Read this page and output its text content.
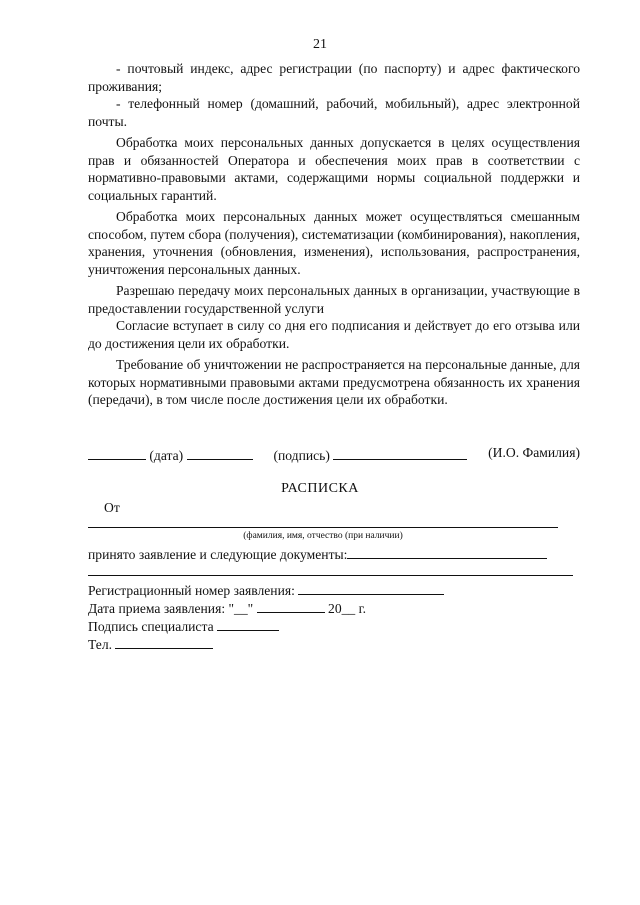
21

- почтовый индекс, адрес регистрации (по паспорту) и адрес фактического проживания;

- телефонный номер (домашний, рабочий, мобильный), адрес электронной почты.

Обработка моих персональных данных допускается в целях осуществления прав и обязанностей Оператора и обеспечения моих прав в соответствии с нормативно-правовыми актами, содержащими нормы социальной поддержки и социальных гарантий.

Обработка моих персональных данных может осуществляться смешанным способом, путем сбора (получения), систематизации (комбинирования), накопления, хранения, уточнения (обновления, изменения), использования, распространения, уничтожения персональных данных.

Разрешаю передачу моих персональных данных в организации, участвующие в предоставлении государственной услуги

Согласие вступает в силу со дня его подписания и действует до его отзыва или до достижения цели их обработки.

Требование об уничтожении не распространяется на персональные данные, для которых нормативными правовыми актами предусмотрена обязанность их хранения (передачи), в том числе после достижения цели их обработки.

(дата)	(подпись)	(И.О. Фамилия)
РАСПИСКА
От
(фамилия, имя, отчество (при наличии)
принято заявление и следующие документы:
Регистрационный номер заявления:
Дата приема заявления: "__"	20__ г.
Подпись специалиста
Тел.
